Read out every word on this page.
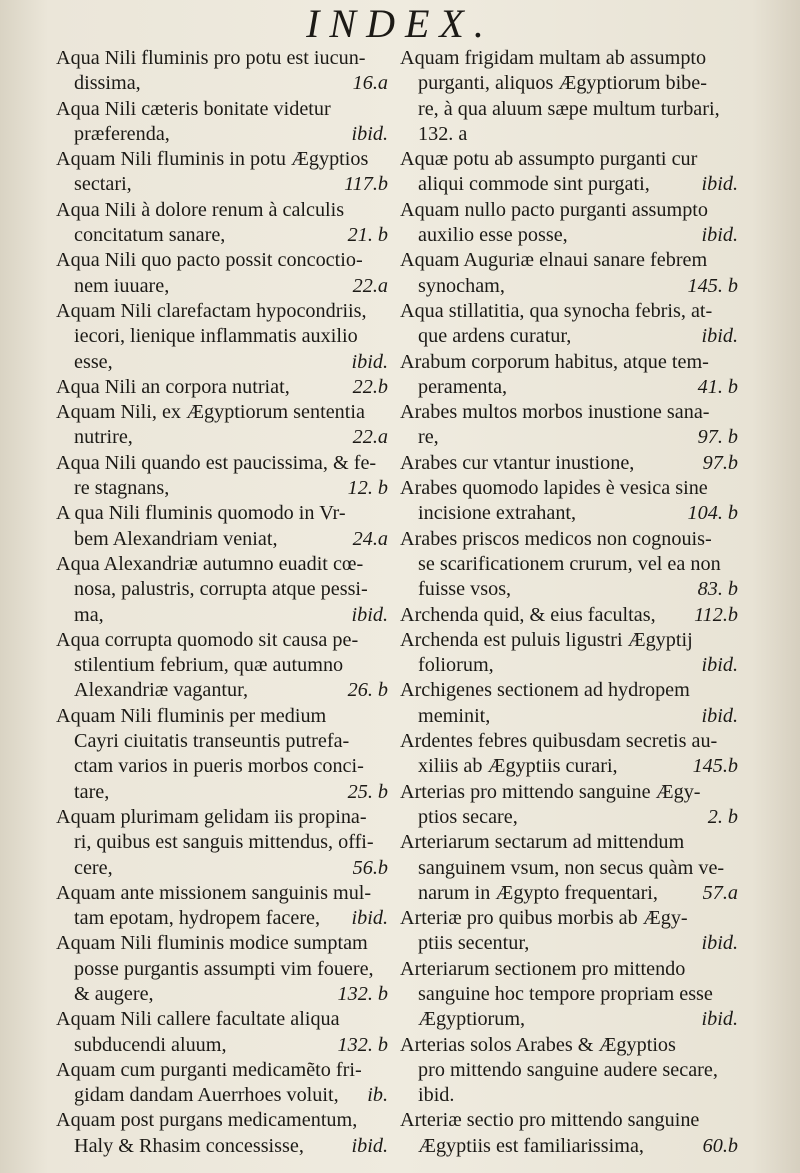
INDEX.
Aqua Nili fluminis pro potu est iucun-
dissima,	16.a
Aqua Nili cæteris bonitate videtur
præferenda,	ibid.
Aquam Nili fluminis in potu Ægyptios
sectari,	117.b
Aqua Nili à dolore renum à calculis
concitatum sanare,	21. b
Aqua Nili quo pacto possit concoctio-
nem iuuare,	22.a
Aquam Nili clarefactam hypocondriis,
iecori, lienique inflammatis auxilio
esse,	ibid.
Aqua Nili an corpora nutriat,	22.b
Aquam Nili, ex Ægyptiorum sententia
nutrire,	22.a
Aqua Nili quando est paucissima, & fe-
re stagnans,	12. b
A qua Nili fluminis quomodo in Vr-
bem Alexandriam veniat,	24.a
Aqua Alexandriæ autumno euadit cœ-
nosa, palustris, corrupta atque pessi-
ma,	ibid.
Aqua corrupta quomodo sit causa pe-
stilentium febrium, quæ autumno
Alexandriæ vagantur,	26. b
Aquam Nili fluminis per medium
Cayri ciuitatis transeuntis putrefa-
ctam varios in pueris morbos conci-
tare,	25. b
Aquam plurimam gelidam iis propina-
ri, quibus est sanguis mittendus, offi-
cere,	56.b
Aquam ante missionem sanguinis mul-
tam epotam, hydropem facere, ibid.
Aquam Nili fluminis modice sumptam
posse purgantis assumpti vim fouere,
& augere,	132. b
Aquam Nili callere facultate aliqua
subducendi aluum,	132. b
Aquam cum purganti medicamẽto fri-
gidam dandam Auerrhoes voluit, ib.
Aquam post purgans medicamentum,
Haly & Rhasim concessisse, ibid.
Aquam frigidam multam ab assumpto
purganti, aliquos Ægyptiorum bibe-
re, à qua aluum sæpe multum turbari,
132. a
Aquæ potu ab assumpto purganti cur
aliqui commode sint purgati,	ibid.
Aquam nullo pacto purganti assumpto
auxilio esse posse,	ibid.
Aquam Auguriæ elnaui sanare febrem
synocham,	145. b
Aqua stillatitia, qua synocha febris, at-
que ardens curatur,	ibid.
Arabum corporum habitus, atque tem-
peramenta,	41. b
Arabes multos morbos inustione sana-
re,	97. b
Arabes cur vtantur inustione,	97.b
Arabes quomodo lapides è vesica sine
incisione extrahant,	104. b
Arabes priscos medicos non cognouis-
se scarificationem crurum, vel ea non
fuisse vsos,	83. b
Archenda quid, & eius facultas, 112.b
Archenda est puluis ligustri Ægyptij
foliorum,	ibid.
Archigenes sectionem ad hydropem
meminit,	ibid.
Ardentes febres quibusdam secretis au-
xiliis ab Ægyptiis curari,	145.b
Arterias pro mittendo sanguine Ægy-
ptios secare,	2. b
Arteriarum sectarum ad mittendum
sanguinem vsum, non secus quàm ve-
narum in Ægypto frequentari, 57.a
Arteriæ pro quibus morbis ab Ægy-
ptiis secentur,	ibid.
Arteriarum sectionem pro mittendo
sanguine hoc tempore propriam esse
Ægyptiorum,	ibid.
Arterias solos Arabes & Ægyptios
pro mittendo sanguine audere secare,
ibid.
Arteriæ sectio pro mittendo sanguine
Ægyptiis est familiarissima,	60.b
